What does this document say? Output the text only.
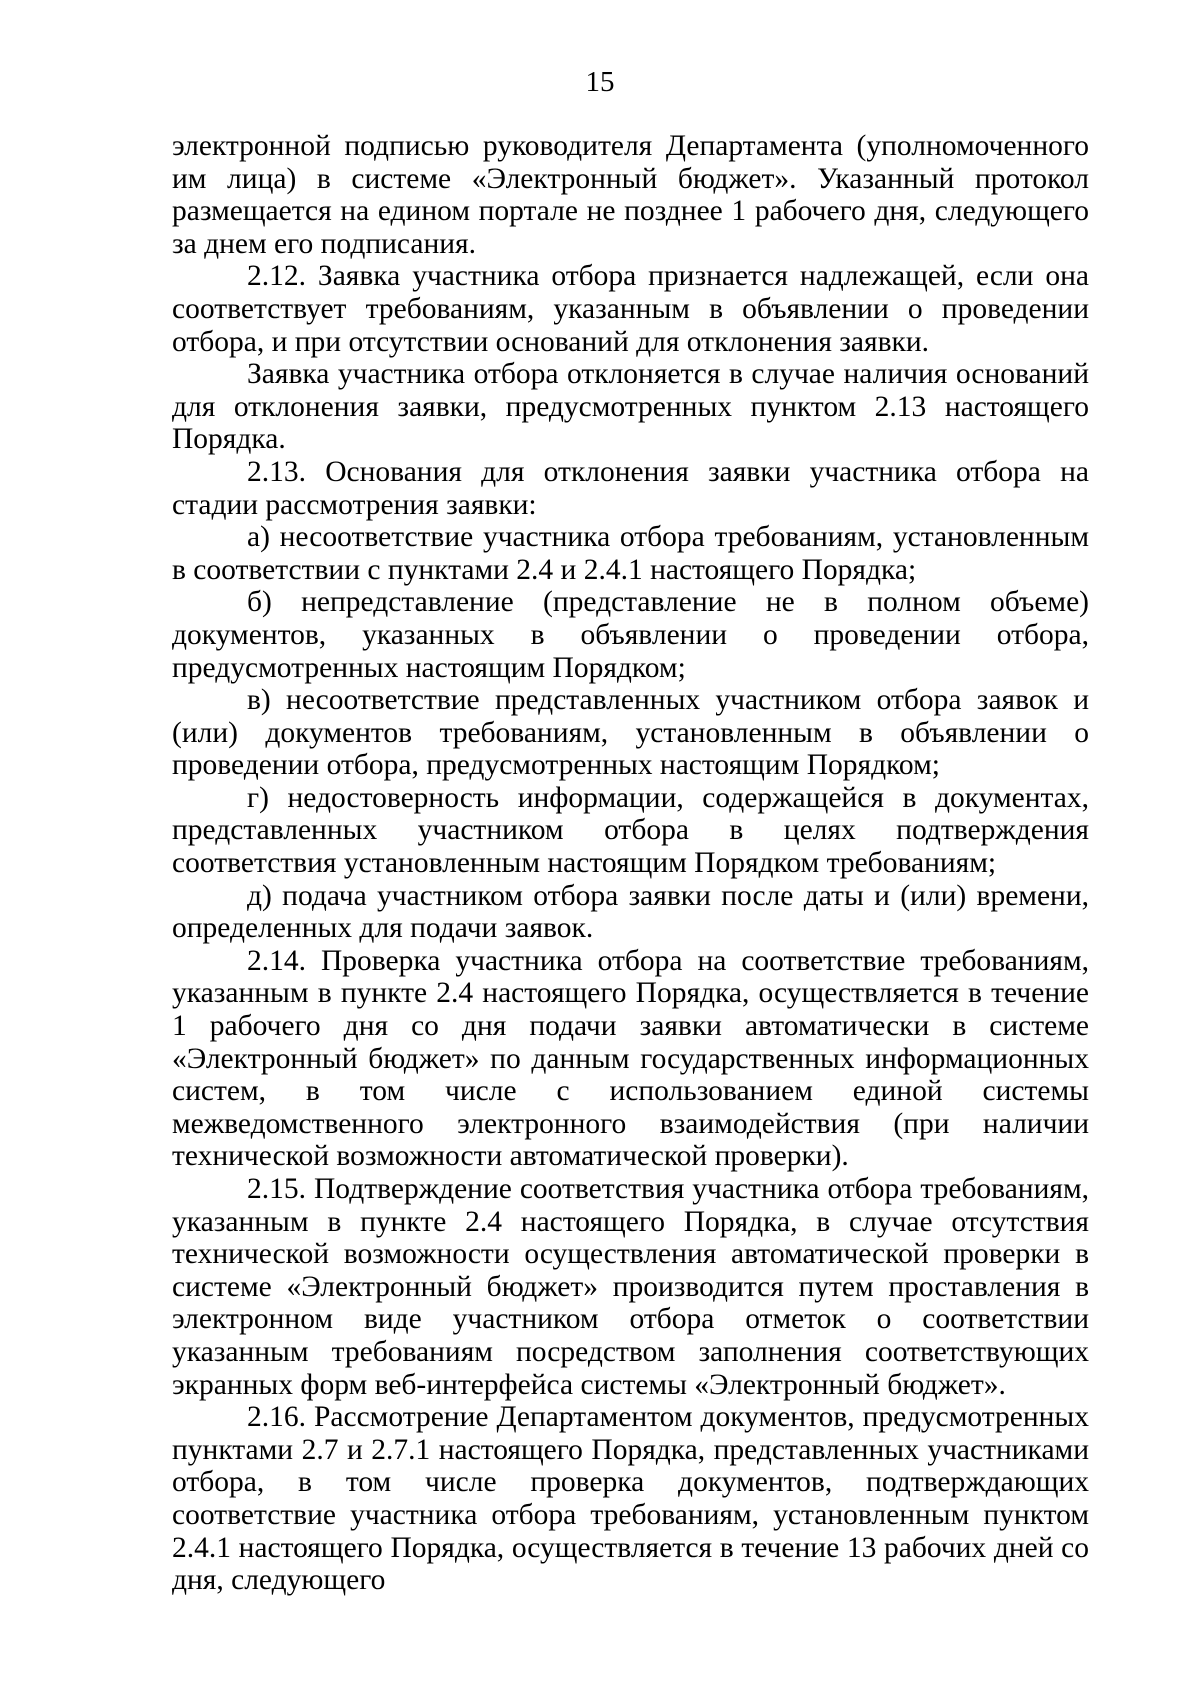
15

электронной подписью руководителя Департамента (уполномоченного им лица) в системе «Электронный бюджет». Указанный протокол размещается на едином портале не позднее 1 рабочего дня, следующего за днем его подписания.

2.12. Заявка участника отбора признается надлежащей, если она соответствует требованиям, указанным в объявлении о проведении отбора, и при отсутствии оснований для отклонения заявки.

Заявка участника отбора отклоняется в случае наличия оснований для отклонения заявки, предусмотренных пунктом 2.13 настоящего Порядка.

2.13. Основания для отклонения заявки участника отбора на стадии рассмотрения заявки:

а) несоответствие участника отбора требованиям, установленным в соответствии с пунктами 2.4 и 2.4.1 настоящего Порядка;

б) непредставление (представление не в полном объеме) документов, указанных в объявлении о проведении отбора, предусмотренных настоящим Порядком;

в) несоответствие представленных участником отбора заявок и (или) документов требованиям, установленным в объявлении о проведении отбора, предусмотренных настоящим Порядком;

г) недостоверность информации, содержащейся в документах, представленных участником отбора в целях подтверждения соответствия установленным настоящим Порядком требованиям;

д) подача участником отбора заявки после даты и (или) времени, определенных для подачи заявок.

2.14. Проверка участника отбора на соответствие требованиям, указанным в пункте 2.4 настоящего Порядка, осуществляется в течение 1 рабочего дня со дня подачи заявки автоматически в системе «Электронный бюджет» по данным государственных информационных систем, в том числе с использованием единой системы межведомственного электронного взаимодействия (при наличии технической возможности автоматической проверки).

2.15. Подтверждение соответствия участника отбора требованиям, указанным в пункте 2.4 настоящего Порядка, в случае отсутствия технической возможности осуществления автоматической проверки в системе «Электронный бюджет» производится путем проставления в электронном виде участником отбора отметок о соответствии указанным требованиям посредством заполнения соответствующих экранных форм веб-интерфейса системы «Электронный бюджет».

2.16. Рассмотрение Департаментом документов, предусмотренных пунктами 2.7 и 2.7.1 настоящего Порядка, представленных участниками отбора, в том числе проверка документов, подтверждающих соответствие участника отбора требованиям, установленным пунктом 2.4.1 настоящего Порядка, осуществляется в течение 13 рабочих дней со дня, следующего
